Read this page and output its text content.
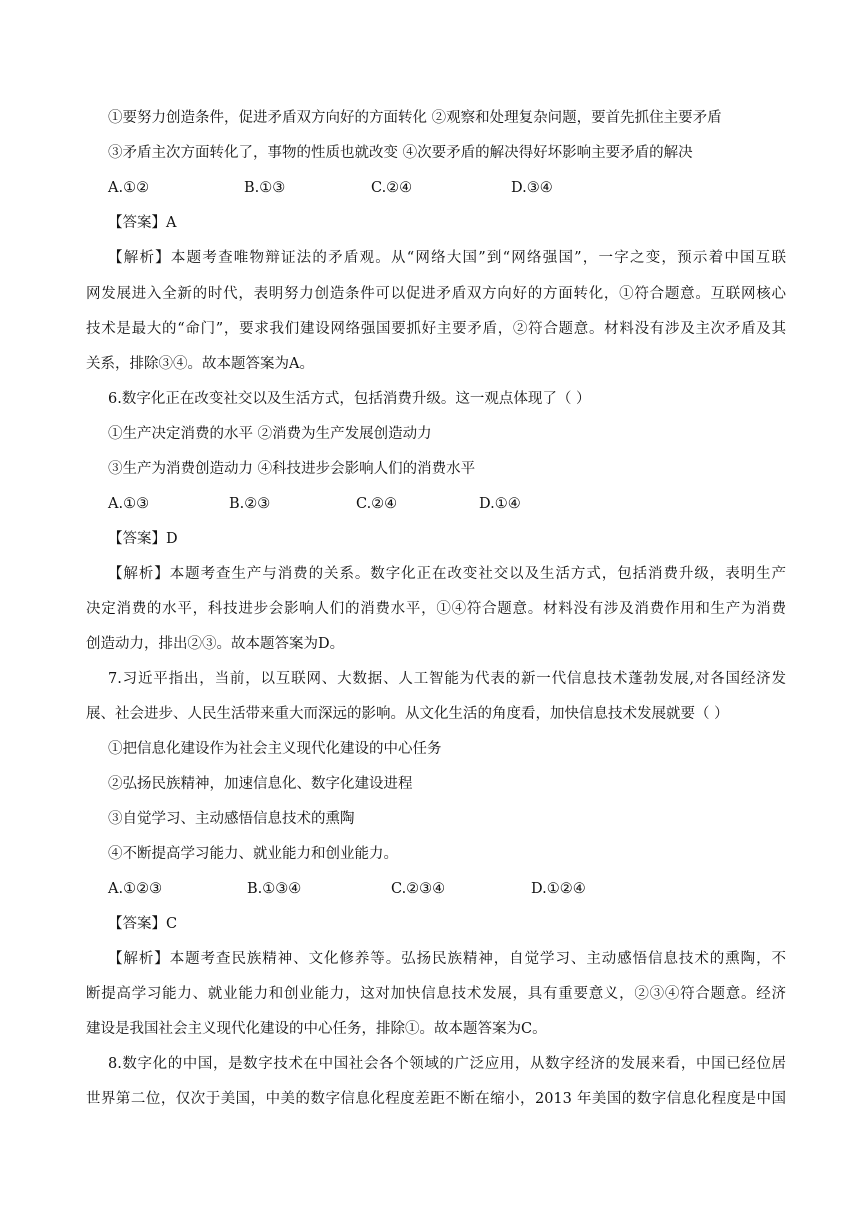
①要努力创造条件，促进矛盾双方向好的方面转化 ②观察和处理复杂问题，要首先抓住主要矛盾
③矛盾主次方面转化了，事物的性质也就改变 ④次要矛盾的解决得好坏影响主要矛盾的解决
A.①②	B.①③	C.②④	D.③④
【答案】A
【解析】本题考查唯物辩证法的矛盾观。从“网络大国”到“网络强国”，一字之变，预示着中国互联
网发展进入全新的时代，表明努力创造条件可以促进矛盾双方向好的方面转化，①符合题意。互联网核心
技术是最大的“命门”，要求我们建设网络强国要抓好主要矛盾，②符合题意。材料没有涉及主次矛盾及其
关系，排除③④。故本题答案为A。
6.数字化正在改变社交以及生活方式，包括消费升级。这一观点体现了（ ）
①生产决定消费的水平 ②消费为生产发展创造动力
③生产为消费创造动力 ④科技进步会影响人们的消费水平
A.①③	B.②③	C.②④	D.①④
【答案】D
【解析】本题考查生产与消费的关系。数字化正在改变社交以及生活方式，包括消费升级，表明生产
决定消费的水平，科技进步会影响人们的消费水平，①④符合题意。材料没有涉及消费作用和生产为消费
创造动力，排出②③。故本题答案为D。
7.习近平指出，当前，以互联网、大数据、人工智能为代表的新一代信息技术蓬勃发展,对各国经济发
展、社会进步、人民生活带来重大而深远的影响。从文化生活的角度看，加快信息技术发展就要（ ）
①把信息化建设作为社会主义现代化建设的中心任务
②弘扬民族精神，加速信息化、数字化建设进程
③自觉学习、主动感悟信息技术的熏陶
④不断提高学习能力、就业能力和创业能力。
A.①②③	B.①③④	C.②③④	D.①②④
【答案】C
【解析】本题考查民族精神、文化修养等。弘扬民族精神，自觉学习、主动感悟信息技术的熏陶，不
断提高学习能力、就业能力和创业能力，这对加快信息技术发展，具有重要意义，②③④符合题意。经济
建设是我国社会主义现代化建设的中心任务，排除①。故本题答案为C。
8.数字化的中国，是数字技术在中国社会各个领域的广泛应用，从数字经济的发展来看，中国已经位居
世界第二位，仅次于美国，中美的数字信息化程度差距不断在缩小，2013 年美国的数字信息化程度是中国
